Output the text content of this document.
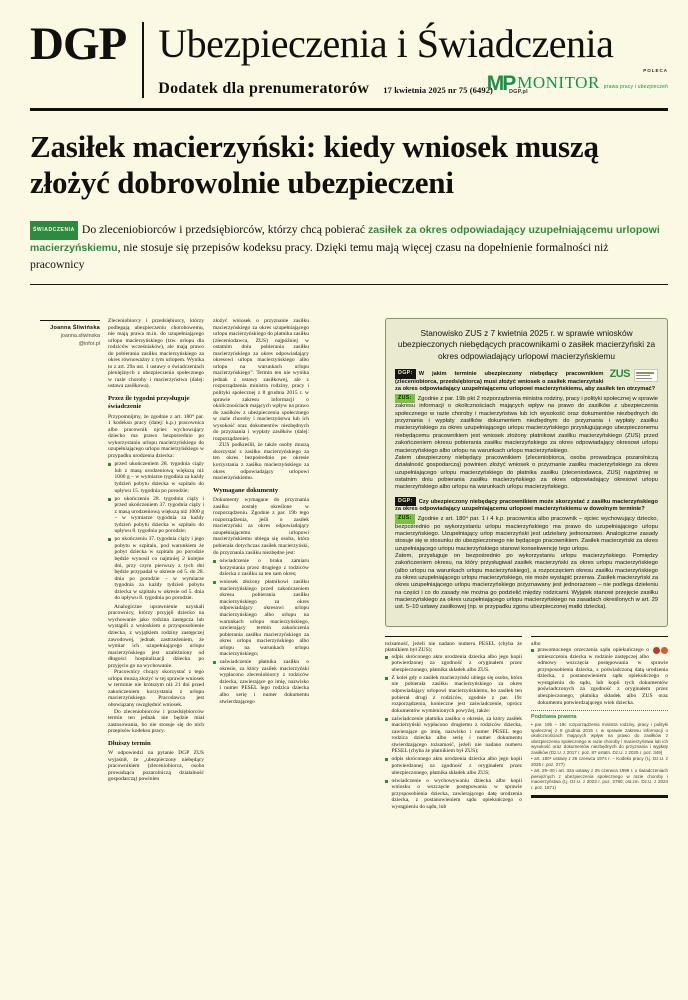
DGP Ubezpieczenia i Świadczenia
Dodatek dla prenumeratorów 17 kwietnia 2025 nr 75 (6492)	DGP.pl
POLECA
MP MONITOR prawa pracy i ubezpieczeń
Zasiłek macierzyński: kiedy wniosek muszą złożyć dobrowolnie ubezpieczeni
ŚWIADCZENIA Do zleceniobiorców i przedsiębiorców, którzy chcą pobierać zasiłek za okres odpowiadający uzupełniającemu urlopowi macierzyńskiemu, nie stosuje się przepisów kodeksu pracy. Dzięki temu mają więcej czasu na dopełnienie formalności niż pracownicy
Joanna Śliwińska
joanna.sliwinska
@infor.pl

Zleceniobiorcy i przedsiębiorcy, którzy podlegają ubezpieczeniu chorobowemu, nie mają prawa m.in. do uzupełniającego urlopu macierzyńskiego (tzw. urlopu dla rodziców wcześniaków), ale mają prawo do pobierania zasiłku macierzyńskiego za okres równoważny z tym urlopem. Wynika to z art. 29a ust. 1 ustawy o świadczeniach pieniężnych z ubezpieczenia społecznego w razie choroby i macierzyństwa (dalej: ustawa zasiłkowa).

Przez ile tygodni przysługuje świadczenie

Przypomnijmy, że zgodnie z art. 180⁴ par. 1 kodeksu pracy (dalej: k.p.) pracownica albo pracownik ojciec wychowujący dziecko ma prawo bezpośrednio po wykorzystaniu urlopu macierzyńskiego do uzupełniającego urlopu macierzyńskiego w przypadku urodzenia dziecka:

przed ukończeniem 28. tygodnia ciąży lub z masą urodzeniową większą niż 1000 g – w wymiarze tygodnia za każdy tydzień pobytu dziecka w szpitalu do upływu 15. tygodnia po porodzie;
po ukończeniu 28. tygodnia ciąży i przed ukończeniem 37. tygodnia ciąży i z masą urodzeniową większą niż 1000 g – w wymiarze tygodnia za każdy tydzień pobytu dziecka w szpitalu do upływu 8. tygodnia po porodzie;
po ukończeniu 37. tygodnia ciąży i jego pobytu w szpitalu, pod warunkiem że pobyt dziecka w szpitalu po porodzie będzie wynosił co najmniej 2 kolejne dni, przy czym pierwszy z tych dni będzie przypadał w okresie od 5. do 28. dnia po porodzie – w wymiarze tygodnia za każdy tydzień pobytu dziecka w szpitalu w okresie od 5. dnia do upływu 8. tygodnia po porodzie.

Analogiczne uprawnienie uzyskali pracownicy, którzy przyjęli dziecko na wychowanie jako rodzina zastępcza lub wystąpili z wnioskiem o przysposobienie dziecka, z wyjątkiem rodziny zastępczej zawodowej, jednak zastrzeżeniem, że wymiar ich uzupełniającego urlopu macierzyńskiego jest uzależniony od długości hospitalizacji dziecka po przyjęciu go na wychowanie.

Pracownicy chcący skorzystać z tego urlopu muszą złożyć w tej sprawie wniosek w terminie nie krótszym niż 21 dni przed zakończeniem korzystania z urlopu macierzyńskiego. Pracodawca jest obowiązany uwzględnić wniosek.

Do zleceniobiorców i przedsiębiorców termin ten jednak nie będzie miał zastosowania, bo nie stosuje się do nich przepisów kodeksu pracy.

Dłuższy termin

W odpowiedzi na pytanie DGP ZUS wyjaśnił, że „ubezpieczony niebędący pracownikiem (zleceniobiorca, osoba prowadząca pozarolniczą działalność gospodarczą) powinien

złożyć wniosek o przyznanie zasiłku macierzyńskiego za okres uzupełniającego urlopu macierzyńskiego do płatnika zasiłku (zleceniodawca, ZUS) najpóźniej w ostatnim dniu pobierania zasiłku macierzyńskiego za okres odpowiadający okresowi urlopu macierzyńskiego albo urlopu na warunkach urlopu macierzyńskiego”. Termin ten nie wynika jednak z ustawy zasiłkowej, ale z rozporządzenia ministra rodziny, pracy i polityki społecznej z 8 grudnia 2015 r. w sprawie zakresu informacji o okolicznościach mających wpływ na prawo do zasiłków z ubezpieczenia społecznego w razie choroby i macierzyństwa lub ich wysokość oraz dokumentów niezbędnych do przyznania i wypłaty zasiłków (dalej: rozporządzenie).

ZUS podkreślił, że także osoby muszą skorzystać z zasiłku macierzyńskiego za ten okres bezpośrednio po okresie korzystania z zasiłku macierzyńskiego za okres odpowiadający urlopowi macierzyńskiemu.

Wymagane dokumenty

Dokumenty wymagane do przyznania zasiłku zostały określone w rozporządzeniu. Zgodnie z par. 19b tego rozporządzenia, jeśli o zasiłek macierzyński za okres odpowiadający uzupełniającemu urlopowi macierzyńskiemu ubiega się osoba, która pobierała dotychczas zasiłek macierzyński, do przyznania zasiłku niezbędne jest:

oświadczenie o braku zamiaru korzystania przez drugiego z rodziców dziecka z zasiłku za ten sam okres;
wniosek złożony płatnikowi zasiłku macierzyńskiego przed zakończeniem okresu pobierania zasiłku macierzyńskiego za okres odpowiadający okresowi urlopu macierzyńskiego albo urlopu na warunkach urlopu macierzyńskiego, zawierający termin zakończenia pobierania zasiłku macierzyńskiego za okres urlopu macierzyńskiego albo urlopu na warunkach urlopu macierzyńskiego;
zaświadczenie płatnika zasiłku o okresie, za który zasiłek macierzyński wypłacono zleceniobiorcy z rodziców dziecka, zawierające go imię, nazwisko i numer PESEL lego rodzica dziecka albo serię i numer dokumentu stwierdzającego
Stanowisko ZUS z 7 kwietnia 2025 r. w sprawie wniosków ubezpieczonych niebędących pracownikami o zasiłek macierzyński za okres odpowiadający urlopowi macierzyńskiemu
ZUS
DGP: W jakim terminie ubezpieczony niebędący pracownikiem (zleceniobiorca, przedsiębiorca) musi złożyć wniosek o zasiłek macierzyński za okres odpowiadający uzupełniającemu urlopowi macierzyńskiemu, aby zasiłek ten otrzymać?

ZUS: Zgodnie z par. 19b pkt 2 rozporządzenia ministra rodziny, pracy i polityki społecznej w sprawie zakresu informacji o okolicznościach mających wpływ na prawo do zasiłków z ubezpieczenia społecznego w razie choroby i macierzyństwa lub ich wysokość oraz dokumentów niezbędnych do przyznania i wypłaty zasiłków dokumentem niezbędnym do przyznania i wypłaty zasiłku macierzyńskiego za okres uzupełniającego urlopu macierzyńskiego przysługującego ubezpieczonemu niebędącemu pracownikiem jest wniosek złożony płatnikowi zasiłku macierzyńskiego (ZUS) przed zakończeniem okresu pobierania zasiłku macierzyńskiego za okres odpowiadający okresowi urlopu macierzyńskiego albo urlopu na warunkach urlopu macierzyńskiego.

Zatem ubezpieczony niebędący pracownikiem (zleceniobiorca, osoba prowadząca pozarolniczą działalność gospodarczą) powinien złożyć wniosek o przyznanie zasiłku macierzyńskiego za okres uzupełniającego urlopu macierzyńskiego do płatnika zasiłku (zleceniodawca, ZUS) najpóźniej w ostatnim dniu pobierania zasiłku macierzyńskiego za okres odpowiadający okresowi urlopu macierzyńskiego albo urlopu na warunkach urlopu macierzyńskiego.

DGP: Czy ubezpieczony niebędący pracownikiem może skorzystać z zasiłku macierzyńskiego za okres odpowiadający uzupełniającemu urlopowi macierzyńskiemu w dowolnym terminie?

ZUS: Zgodnie z art. 180⁴ par. 1 i 4 k.p. pracownica albo pracownik – ojciec wychowujący dziecko, bezpośrednio po wykorzystaniu urlopu macierzyńskiego ma prawo do uzupełniającego urlopu macierzyńskiego. Uzupełniający urlop macierzyński jest udzielany jednorazowo. Analogiczne zasady stosuje się w stosunku do ubezpieczonego nie będącego pracownikiem. Zasiłek macierzyński za okres uzupełniającego urlopu macierzyńskiego stanowi konsekwencję tego urlopu.

Zatem, przysługuje on bezpośrednio po wykorzystaniu urlopu macierzyńskiego. Pomiędzy zakończeniem okresu, na który przysługiwał zasiłek macierzyński za okres urlopu macierzyńskiego (albo urlopu na warunkach urlopu macierzyńskiego), a rozpoczęciem okresu zasiłku macierzyńskiego za okres uzupełniającego urlopu macierzyńskiego, nie może wystąpić przerwa. Zasiłek macierzyński za okres uzupełniającego urlopu macierzyńskiego przyznawany jest jednorazowo – nie podlega dzieleniu na części i co do zasady nie można go podzielić między rodzicami. Wyjątek stanowi przejęcie zasiłku macierzyńskiego za okres uzupełniającego urlopu macierzyńskiego na zasadach określonych w art. 29 ust. 5–10 ustawy zasiłkowej (np. w przypadku zgonu ubezpieczonej matki dziecka).

tożsamość, jeżeli nie nadano numeru PESEL (chyba że płatnikiem był ZUS);

odpis skróconego aktu urodzenia dziecka albo jego kopii potwierdzonej za zgodność z oryginałem przez ubezpieczonego, płatnika składek albo ZUS.
Z kolei gdy o zasiłek macierzyński ubiega się osoba, która nie pobierała zasiłku macierzyńskiego za okres odpowiadający urlopowi macierzyńskiemu, bo zasiłek ten pobierał drugi z rodziców, zgodnie z par. 19c rozporządzenia, konieczne jest zaświadczenie, oprócz dokumentów wymienionych powyżej, także:
zaświadczenie płatnika zasiłku o okresie, za który zasiłek macierzyński wypłacono drugiemu z rodziców dziecka, zawierające go imię, nazwisko i numer PESEL tego rodzica dziecka albo serię i numer dokumentu stwierdzającego tożsamość, jeżeli nie nadano numeru PESEL (chyba że płatnikiem był ZUS);
odpis skróconego aktu urodzenia dziecka albo jego kopii potwierdzonej za zgodność z oryginałem przez ubezpieczonego, płatnika składek albo ZUS;
oświadczenie o wychowywaniu dziecka albo kopii wniosku o wszczęcie postępowania w sprawie przysposobienia dziecka, zawierającego datę urodzenia dziecka, z postanowieniem sądu opiekuńczego o wystąpieniu do sądu, lub

albo

prawomocnego orzeczenia sądu opiekuńczego o umieszczeniu dziecka w rodzinie zastępczej albo odmowy wszczęcia postępowania w sprawie przysposobienia dziecka, z poświadczoną datą urodzenia dziecka, z postanowieniem sądu opiekuńczego o wystąpieniu do sądu, lub kopii tych dokumentów poświadczonych za zgodność z oryginałem przez ubezpieczonego, płatnika składek albo ZUS oraz dokumentu potwierdzającego wiek dziecka.
Podstawa prawna

• par. 19b – 19c rozporządzenia ministra rodziny, pracy i polityki społecznej z 8 grudnia 2015 r. w sprawie zakresu informacji o okolicznościach mających wpływ na prawo do zasiłków z ubezpieczenia społecznego w razie choroby i macierzyństwa lub ich wysokość oraz dokumentów niezbędnych do przyznania i wypłaty zasiłków (Dz.U. z 2017 r. poz. 87 ostatn. Dz.U. z 2025 r. poz. 349)

• art. 180⁴ ustawy z 26 czerwca 1974 r. – Kodeks pracy (t.j. Dz.U. z 2025 r. poz. 277)

• art. 29–30 i art. 32a ustawy z 25 czerwca 1999 r. o świadczeniach pieniężnych z ubezpieczenia społecznego w razie choroby i macierzyństwa (t.j. Dz.U. z 2023 r. poz. 2780; ost.zm. Dz.U. z 2024 r. poz. 1871)
